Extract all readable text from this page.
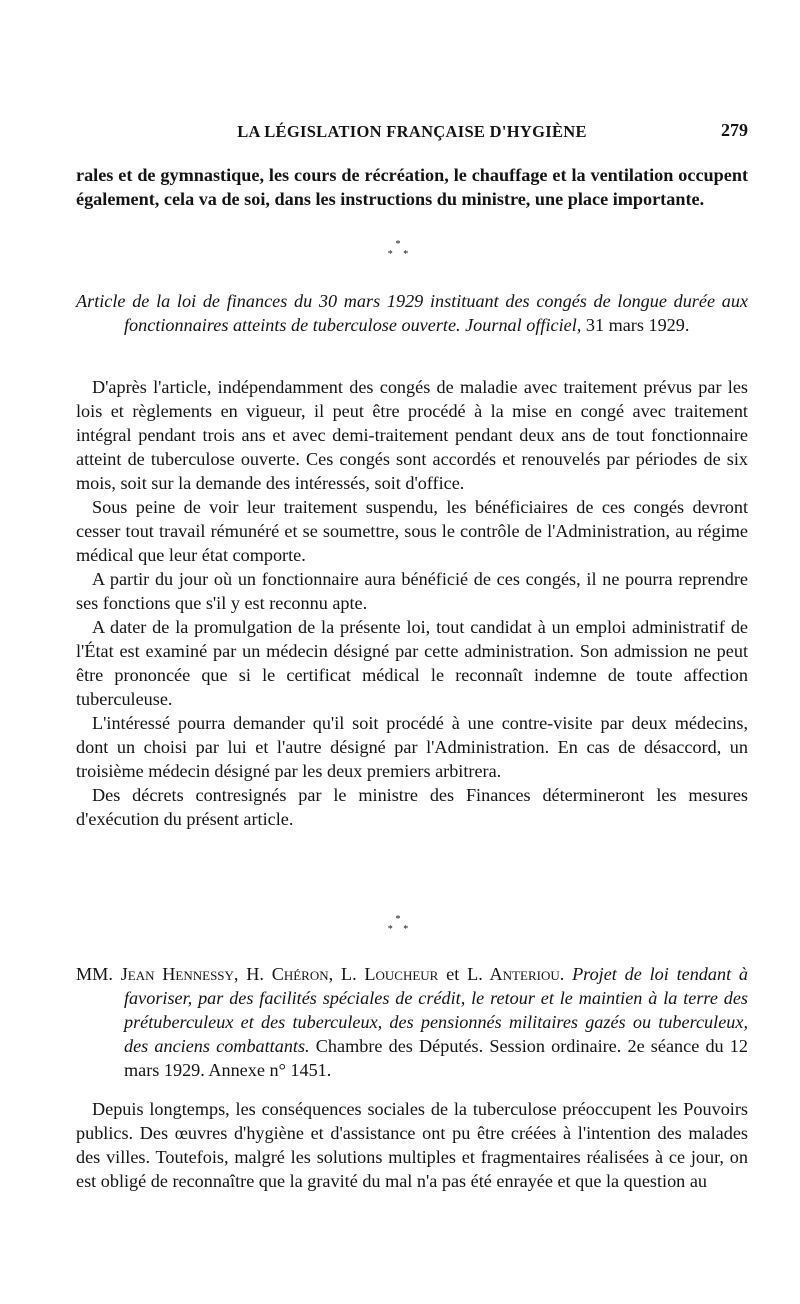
LA LÉGISLATION FRANÇAISE D'HYGIÈNE	279

rales et de gymnastique, les cours de récréation, le chauffage et la ventilation occupent également, cela va de soi, dans les instructions du ministre, une place importante.

*
* *

Article de la loi de finances du 30 mars 1929 instituant des congés de longue durée aux fonctionnaires atteints de tuberculose ouverte. Journal officiel, 31 mars 1929.

D'après l'article, indépendamment des congés de maladie avec traitement prévus par les lois et règlements en vigueur, il peut être procédé à la mise en congé avec traitement intégral pendant trois ans et avec demi-traitement pendant deux ans de tout fonctionnaire atteint de tuberculose ouverte. Ces congés sont accordés et renouvelés par périodes de six mois, soit sur la demande des intéressés, soit d'office.

Sous peine de voir leur traitement suspendu, les bénéficiaires de ces congés devront cesser tout travail rémunéré et se soumettre, sous le contrôle de l'Administration, au régime médical que leur état comporte.

A partir du jour où un fonctionnaire aura bénéficié de ces congés, il ne pourra reprendre ses fonctions que s'il y est reconnu apte.

A dater de la promulgation de la présente loi, tout candidat à un emploi administratif de l'État est examiné par un médecin désigné par cette administration. Son admission ne peut être prononcée que si le certificat médical le reconnaît indemne de toute affection tuberculeuse.

L'intéressé pourra demander qu'il soit procédé à une contre-visite par deux médecins, dont un choisi par lui et l'autre désigné par l'Administration. En cas de désaccord, un troisième médecin désigné par les deux premiers arbitrera.

Des décrets contresignés par le ministre des Finances détermineront les mesures d'exécution du présent article.

*
* *

MM. Jean Hennessy, H. Chéron, L. Loucheur et L. Anteriou. Projet de loi tendant à favoriser, par des facilités spéciales de crédit, le retour et le maintien à la terre des prétuberculeux et des tuberculeux, des pensionnés militaires gazés ou tuberculeux, des anciens combattants. Chambre des Députés. Session ordinaire. 2e séance du 12 mars 1929. Annexe n° 1451.

Depuis longtemps, les conséquences sociales de la tuberculose préoccupent les Pouvoirs publics. Des œuvres d'hygiène et d'assistance ont pu être créées à l'intention des malades des villes. Toutefois, malgré les solutions multiples et fragmentaires réalisées à ce jour, on est obligé de reconnaître que la gravité du mal n'a pas été enrayée et que la question au
